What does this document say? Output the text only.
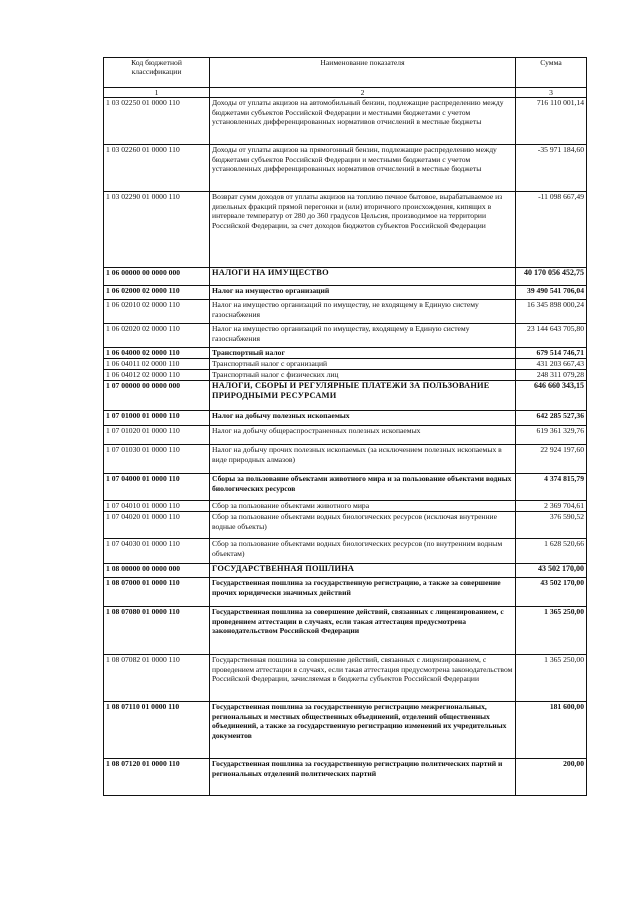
Код бюджетной классификации	Наименование показателя	Сумма
1	2	3
1 03 02250 01 0000 110	Доходы от уплаты акцизов на автомобильный бензин, подлежащие распределению между бюджетами субъектов Российской Федерации и местными бюджетами с учетом установленных дифференцированных нормативов отчислений в местные бюджеты	716 110 001,14
1 03 02260 01 0000 110	Доходы от уплаты акцизов на прямогонный бензин, подлежащие распределению между бюджетами субъектов Российской Федерации и местными бюджетами с учетом установленных дифференцированных нормативов отчислений в местные бюджеты	-35 971 184,60
1 03 02290 01 0000 110	Возврат сумм доходов от уплаты акцизов на топливо печное бытовое, вырабатываемое из дизельных фракций прямой перегонки и (или) вторичного происхождения, кипящих в интервале температур от 280 до 360 градусов Цельсия, производимое на территории Российской Федерации, за счет доходов бюджетов субъектов Российской Федерации	-11 098 667,49
1 06 00000 00 0000 000	НАЛОГИ НА ИМУЩЕСТВО	40 170 056 452,75
1 06 02000 02 0000 110	Налог на имущество организаций	39 490 541 706,04
1 06 02010 02 0000 110	Налог на имущество организаций по имуществу, не входящему в Единую систему газоснабжения	16 345 898 000,24
1 06 02020 02 0000 110	Налог на имущество организаций по имуществу, входящему в Единую систему газоснабжения	23 144 643 705,80
1 06 04000 02 0000 110	Транспортный налог	679 514 746,71
1 06 04011 02 0000 110	Транспортный налог с организаций	431 203 667,43
1 06 04012 02 0000 110	Транспортный налог с физических лиц	248 311 079,28
1 07 00000 00 0000 000	НАЛОГИ, СБОРЫ И РЕГУЛЯРНЫЕ ПЛАТЕЖИ ЗА ПОЛЬЗОВАНИЕ ПРИРОДНЫМИ РЕСУРСАМИ	646 660 343,15
1 07 01000 01 0000 110	Налог на добычу полезных ископаемых	642 285 527,36
1 07 01020 01 0000 110	Налог на добычу общераспространенных полезных ископаемых	619 361 329,76
1 07 01030 01 0000 110	Налог на добычу прочих полезных ископаемых (за исключением полезных ископаемых в виде природных алмазов)	22 924 197,60
1 07 04000 01 0000 110	Сборы за пользование объектами животного мира и за пользование объектами водных биологических ресурсов	4 374 815,79
1 07 04010 01 0000 110	Сбор за пользование объектами животного мира	2 369 704,61
1 07 04020 01 0000 110	Сбор за пользование объектами водных биологических ресурсов (исключая внутренние водные объекты)	376 590,52
1 07 04030 01 0000 110	Сбор за пользование объектами водных биологических ресурсов (по внутренним водным объектам)	1 628 520,66
1 08 00000 00 0000 000	ГОСУДАРСТВЕННАЯ ПОШЛИНА	43 502 170,00
1 08 07000 01 0000 110	Государственная пошлина за государственную регистрацию, а также за совершение прочих юридически значимых действий	43 502 170,00
1 08 07080 01 0000 110	Государственная пошлина за совершение действий, связанных с лицензированием, с проведением аттестации в случаях, если такая аттестация предусмотрена законодательством Российской Федерации	1 365 250,00
1 08 07082 01 0000 110	Государственная пошлина за совершение действий, связанных с лицензированием, с проведением аттестации в случаях, если такая аттестация предусмотрена законодательством Российской Федерации, зачисляемая в бюджеты субъектов Российской Федерации	1 365 250,00
1 08 07110 01 0000 110	Государственная пошлина за государственную регистрацию межрегиональных, региональных и местных общественных объединений, отделений общественных объединений, а также за государственную регистрацию изменений их учредительных документов	181 600,00
1 08 07120 01 0000 110	Государственная пошлина за государственную регистрацию политических партий и региональных отделений политических партий	200,00
